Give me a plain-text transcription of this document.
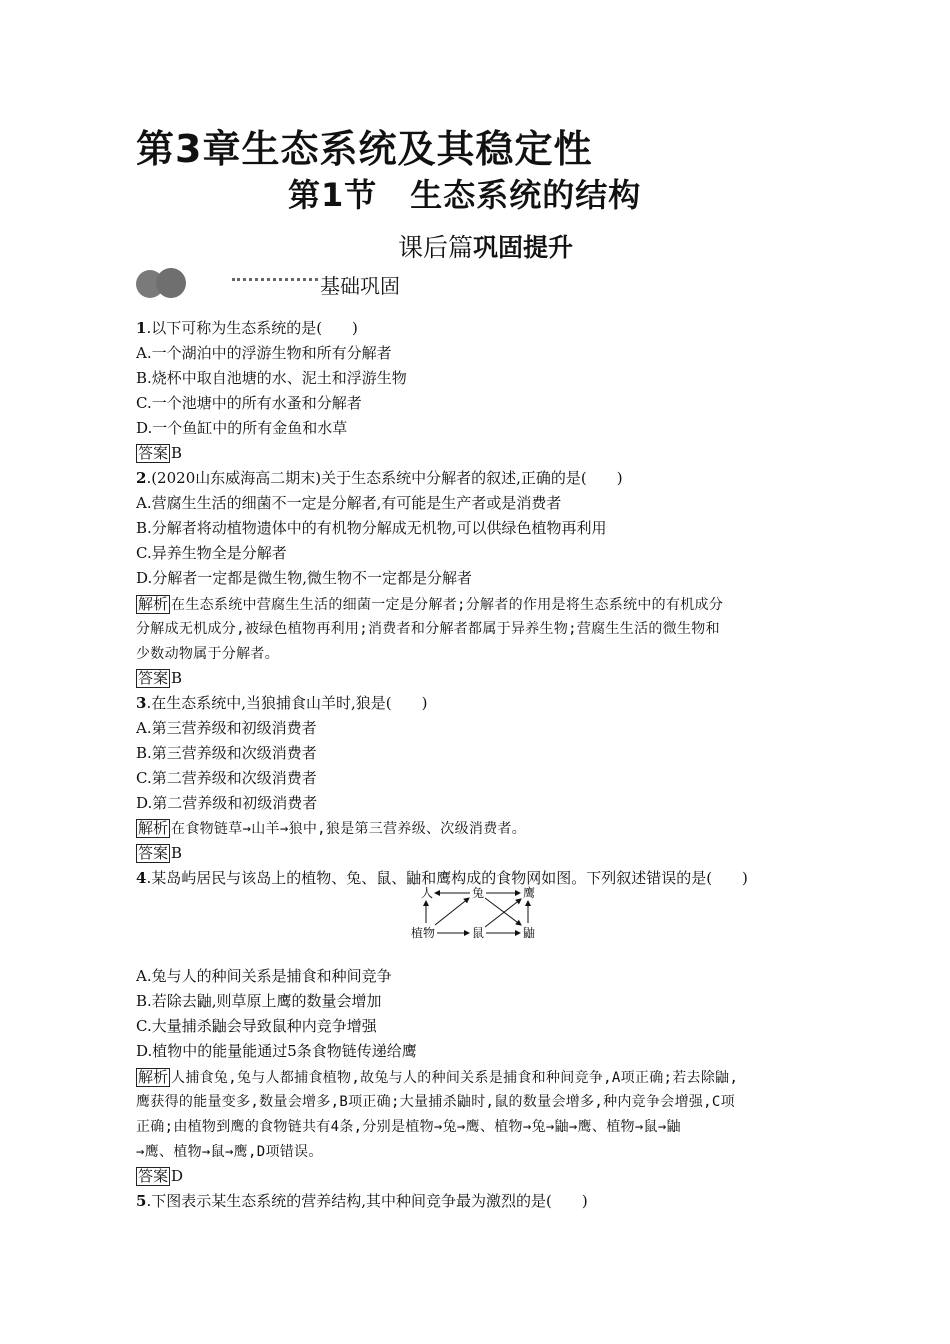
第3章生态系统及其稳定性
第1节　生态系统的结构
课后篇巩固提升
基础巩固
1.以下可称为生态系统的是(　　)
A.一个湖泊中的浮游生物和所有分解者
B.烧杯中取自池塘的水、泥土和浮游生物
C.一个池塘中的所有水蚤和分解者
D.一个鱼缸中的所有金鱼和水草
答案 B
2.(2020山东威海高二期末)关于生态系统中分解者的叙述,正确的是(　　)
A.营腐生生活的细菌不一定是分解者,有可能是生产者或是消费者
B.分解者将动植物遗体中的有机物分解成无机物,可以供绿色植物再利用
C.异养生物全是分解者
D.分解者一定都是微生物,微生物不一定都是分解者
解析 在生态系统中营腐生生活的细菌一定是分解者;分解者的作用是将生态系统中的有机成分
分解成无机成分,被绿色植物再利用;消费者和分解者都属于异养生物;营腐生生活的微生物和
少数动物属于分解者。
答案 B
3.在生态系统中,当狼捕食山羊时,狼是(　　)
A.第三营养级和初级消费者
B.第三营养级和次级消费者
C.第二营养级和次级消费者
D.第二营养级和初级消费者
解析 在食物链草→山羊→狼中,狼是第三营养级、次级消费者。
答案 B
4.某岛屿居民与该岛上的植物、兔、鼠、鼬和鹰构成的食物网如图。下列叙述错误的是(　　)
人	兔	鹰
植物	鼠	鼬
A.兔与人的种间关系是捕食和种间竞争
B.若除去鼬,则草原上鹰的数量会增加
C.大量捕杀鼬会导致鼠种内竞争增强
D.植物中的能量能通过5条食物链传递给鹰
解析 人捕食兔,兔与人都捕食植物,故兔与人的种间关系是捕食和种间竞争,A项正确;若去除鼬,
鹰获得的能量变多,数量会增多,B项正确;大量捕杀鼬时,鼠的数量会增多,种内竞争会增强,C项
正确;由植物到鹰的食物链共有4条,分别是植物→兔→鹰、植物→兔→鼬→鹰、植物→鼠→鼬
→鹰、植物→鼠→鹰,D项错误。
答案 D
5.下图表示某生态系统的营养结构,其中种间竞争最为激烈的是(　　)
